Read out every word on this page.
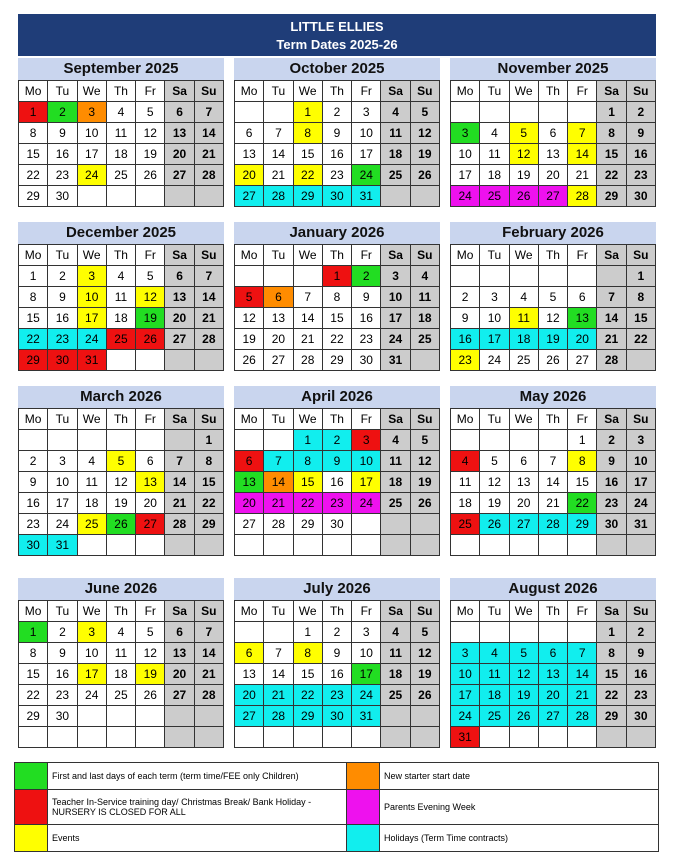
LITTLE ELLIES
Term Dates 2025-26
September 2025
Mo	Tu	We	Th	Fr	Sa	Su
1	2	3	4	5	6	7
8	9	10	11	12	13	14
15	16	17	18	19	20	21
22	23	24	25	26	27	28
29	30					
October 2025
Mo	Tu	We	Th	Fr	Sa	Su
		1	2	3	4	5
6	7	8	9	10	11	12
13	14	15	16	17	18	19
20	21	22	23	24	25	26
27	28	29	30	31		
November 2025
Mo	Tu	We	Th	Fr	Sa	Su
					1	2
3	4	5	6	7	8	9
10	11	12	13	14	15	16
17	18	19	20	21	22	23
24	25	26	27	28	29	30
December 2025
Mo	Tu	We	Th	Fr	Sa	Su
1	2	3	4	5	6	7
8	9	10	11	12	13	14
15	16	17	18	19	20	21
22	23	24	25	26	27	28
29	30	31				
January 2026
Mo	Tu	We	Th	Fr	Sa	Su
			1	2	3	4
5	6	7	8	9	10	11
12	13	14	15	16	17	18
19	20	21	22	23	24	25
26	27	28	29	30	31	
February 2026
Mo	Tu	We	Th	Fr	Sa	Su
						1
2	3	4	5	6	7	8
9	10	11	12	13	14	15
16	17	18	19	20	21	22
23	24	25	26	27	28	
March 2026
Mo	Tu	We	Th	Fr	Sa	Su
						1
2	3	4	5	6	7	8
9	10	11	12	13	14	15
16	17	18	19	20	21	22
23	24	25	26	27	28	29
30	31					
April 2026
Mo	Tu	We	Th	Fr	Sa	Su
		1	2	3	4	5
6	7	8	9	10	11	12
13	14	15	16	17	18	19
20	21	22	23	24	25	26
27	28	29	30			

May 2026
Mo	Tu	We	Th	Fr	Sa	Su
				1	2	3
4	5	6	7	8	9	10
11	12	13	14	15	16	17
18	19	20	21	22	23	24
25	26	27	28	29	30	31

June 2026
Mo	Tu	We	Th	Fr	Sa	Su
1	2	3	4	5	6	7
8	9	10	11	12	13	14
15	16	17	18	19	20	21
22	23	24	25	26	27	28
29	30					

July 2026
Mo	Tu	We	Th	Fr	Sa	Su
		1	2	3	4	5
6	7	8	9	10	11	12
13	14	15	16	17	18	19
20	21	22	23	24	25	26
27	28	29	30	31		

August 2026
Mo	Tu	We	Th	Fr	Sa	Su
					1	2
3	4	5	6	7	8	9
10	11	12	13	14	15	16
17	18	19	20	21	22	23
24	25	26	27	28	29	30
31						
	First and last days of each term (term time/FEE only Children)		New starter start date
	Teacher In-Service training day/ Christmas Break/ Bank Holiday - NURSERY IS CLOSED FOR ALL		Parents Evening Week
	Events		Holidays (Term Time contracts)
